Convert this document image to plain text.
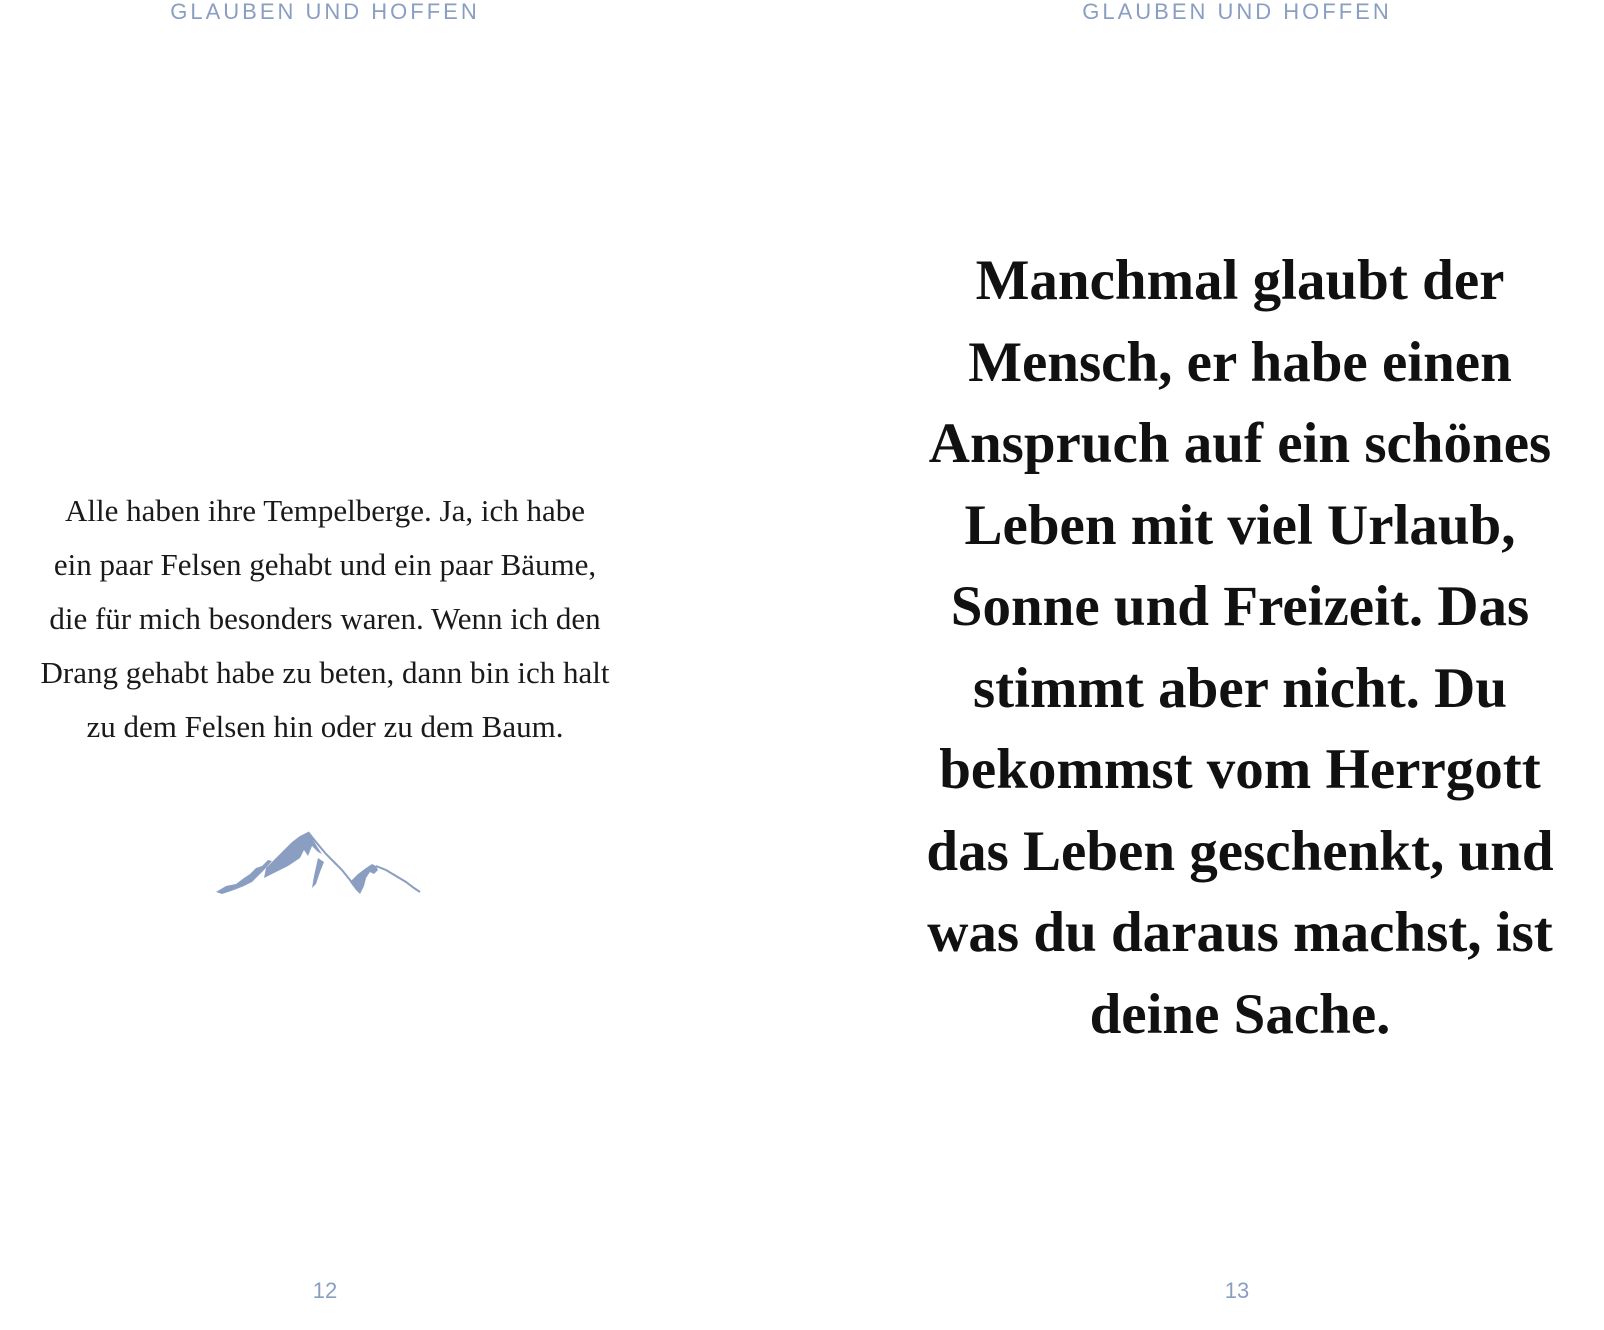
GLAUBEN UND HOFFEN

Alle haben ihre Tempelberge. Ja, ich habe
ein paar Felsen gehabt und ein paar Bäume,
die für mich besonders waren. Wenn ich den
Drang gehabt habe zu beten, dann bin ich halt
zu dem Felsen hin oder zu dem Baum.

12
GLAUBEN UND HOFFEN

Manchmal glaubt der
Mensch, er habe einen
Anspruch auf ein schönes
Leben mit viel Urlaub,
Sonne und Freizeit. Das
stimmt aber nicht. Du
bekommst vom Herrgott
das Leben geschenkt, und
was du daraus machst, ist
deine Sache.

13
